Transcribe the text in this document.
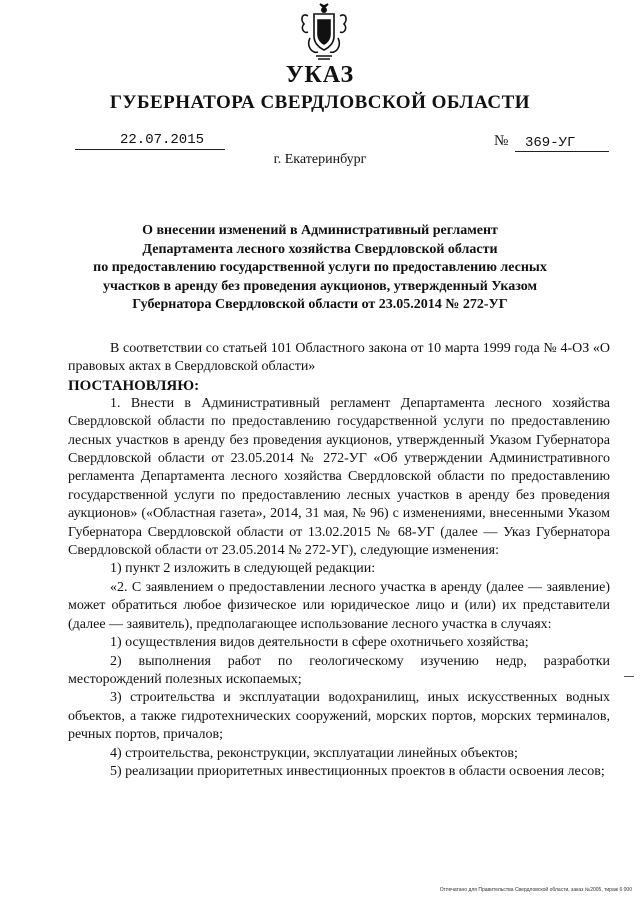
УКАЗ
ГУБЕРНАТОРА СВЕРДЛОВСКОЙ ОБЛАСТИ
22.07.2015	№ 369-УГ
г. Екатеринбург
О внесении изменений в Административный регламент
Департамента лесного хозяйства Свердловской области
по предоставлению государственной услуги по предоставлению лесных
участков в аренду без проведения аукционов, утвержденный Указом
Губернатора Свердловской области от 23.05.2014 № 272-УГ

В соответствии со статьей 101 Областного закона от 10 марта 1999 года № 4-ОЗ «О правовых актах в Свердловской области»

ПОСТАНОВЛЯЮ:

1. Внести в Административный регламент Департамента лесного хозяйства Свердловской области по предоставлению государственной услуги по предоставлению лесных участков в аренду без проведения аукционов, утвержденный Указом Губернатора Свердловской области от 23.05.2014 № 272-УГ «Об утверждении Административного регламента Департамента лесного хозяйства Свердловской области по предоставлению государственной услуги по предоставлению лесных участков в аренду без проведения аукционов» («Областная газета», 2014, 31 мая, № 96) с изменениями, внесенными Указом Губернатора Свердловской области от 13.02.2015 № 68-УГ (далее — Указ Губернатора Свердловской области от 23.05.2014 № 272-УГ), следующие изменения:

1) пункт 2 изложить в следующей редакции:

«2. С заявлением о предоставлении лесного участка в аренду (далее — заявление) может обратиться любое физическое или юридическое лицо и (или) их представители (далее — заявитель), предполагающее использование лесного участка в случаях:

1) осуществления видов деятельности в сфере охотничьего хозяйства;

2) выполнения работ по геологическому изучению недр, разработки месторождений полезных ископаемых;

3) строительства и эксплуатации водохранилищ, иных искусственных водных объектов, а также гидротехнических сооружений, морских портов, морских терминалов, речных портов, причалов;

4) строительства, реконструкции, эксплуатации линейных объектов;

5) реализации приоритетных инвестиционных проектов в области освоения лесов;

Отпечатано для Правительства Свердловской области, заказ №2005, тираж 6 000
